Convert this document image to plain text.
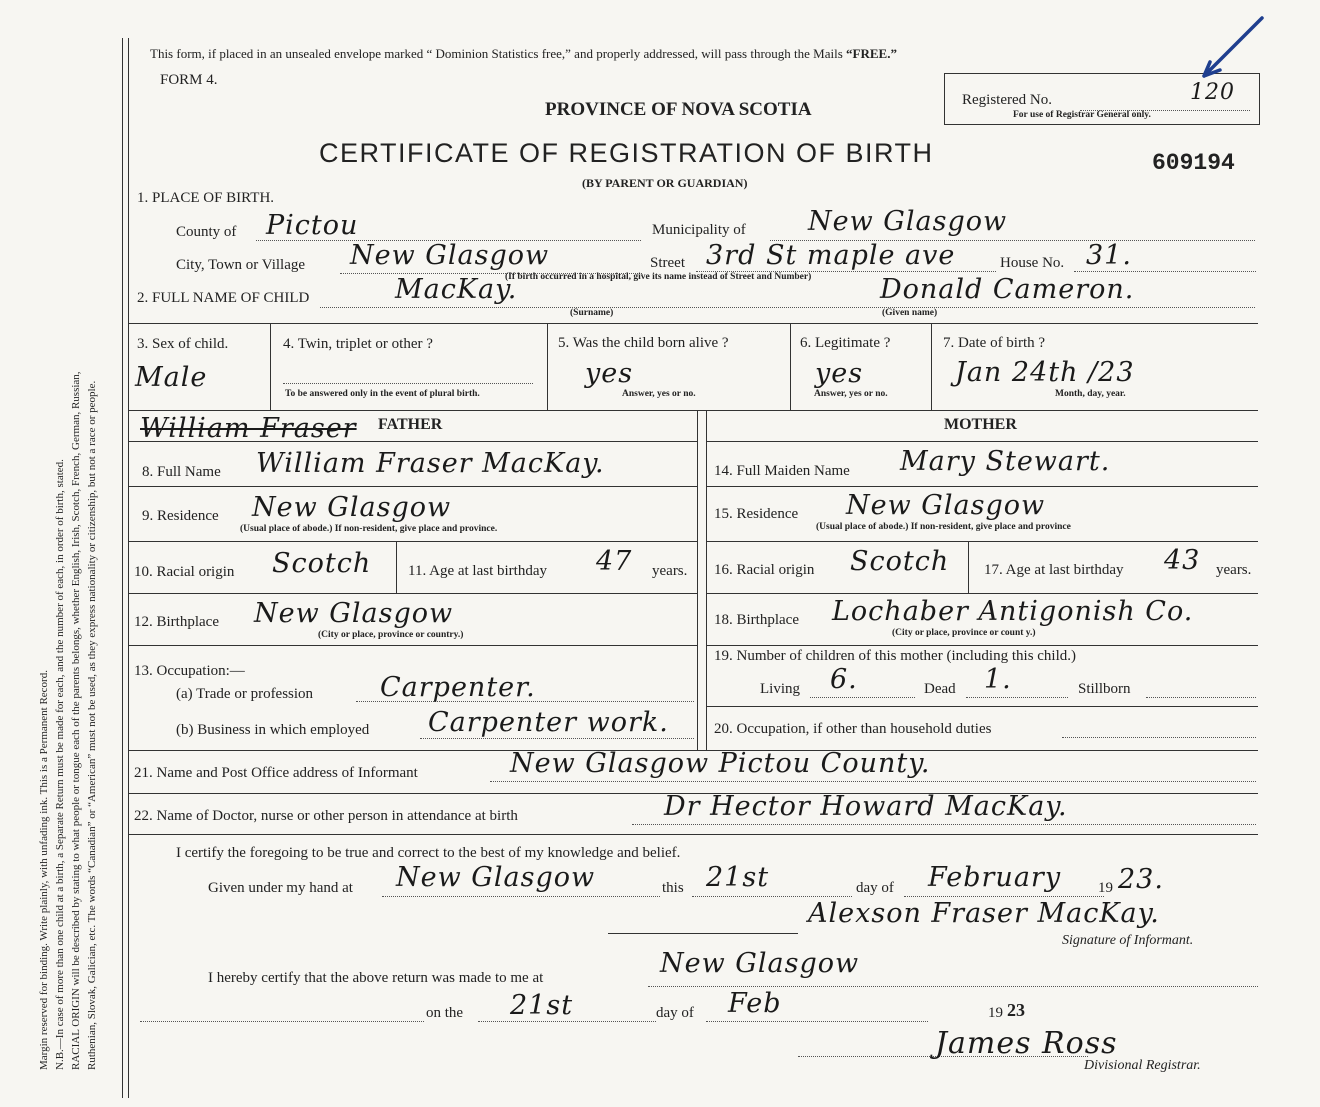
Margin reserved for binding. Write plainly, with unfading ink. This is a Permanent Record. N.B.—In case of more than one child at a birth, a Separate Return must be made for each, and the number of each, in order of birth, stated. RACIAL ORIGIN will be described by stating to what people or tongue each of the parents belongs, whether English, Irish, Scotch, French, German, Russian, Ruthenian, Slovak, Galician, etc. The words “Canadian” or “American” must not be used, as they express nationality or citizenship, but not a race or people.
This form, if placed in an unsealed envelope marked “ Dominion Statistics free,” and properly addressed, will pass through the Mails “FREE.”
FORM 4.
PROVINCE OF NOVA SCOTIA	Registered No.	120
For use of Registrar General only.
CERTIFICATE OF REGISTRATION OF BIRTH
(BY PARENT OR GUARDIAN)
609194
1. PLACE OF BIRTH.
County of Pictou	Municipality of New Glasgow
City, Town or Village New Glasgow	Street 3rd St maple ave	House No. 31.
(If birth occurred in a hospital, give its name instead of Street and Number)
2. FULL NAME OF CHILD	MacKay.
(Surname)
Donald Cameron.
(Given name)
3. Sex of child.
Male
4. Twin, triplet or other ?
To be answered only in the event of plural birth.
5. Was the child born alive ?
yes
Answer, yes or no.
6. Legitimate ?
yes
Answer, yes or no.
7. Date of birth ?
Jan 24th /23
Month, day, year.
FATHER
William Fraser	MOTHER
8. Full Name William Fraser MacKay.
9. Residence New Glasgow
(Usual place of abode.) If non-resident, give place and province.
10. Racial origin Scotch 11. Age at last birthday 47 years.
12. Birthplace New Glasgow
(City or place, province or country.)
13. Occupation:—
(a) Trade or profession Carpenter.
(b) Business in which employed Carpenter work.
14. Full Maiden Name Mary Stewart.
15. Residence New Glasgow
(Usual place of abode.) If non-resident, give place and province
16. Racial origin Scotch 17. Age at last birthday 43 years.
18. Birthplace Lochaber Antigonish Co.
(City or place, province or count y.)
19. Number of children of this mother (including this child.)
Living 6.	Dead 1.	Stillborn
20. Occupation, if other than household duties
21. Name and Post Office address of Informant	New Glasgow Pictou County.
22. Name of Doctor, nurse or other person in attendance at birth	Dr Hector Howard MacKay.
I certify the foregoing to be true and correct to the best of my knowledge and belief.
Given under my hand at New Glasgow	this 21st	day of February 19 23.
Alexson Fraser MacKay.
Signature of Informant.
I hereby certify that the above return was made to me at	New Glasgow
on the 21st	day of Feb	19 23
James Ross
Divisional Registrar.
